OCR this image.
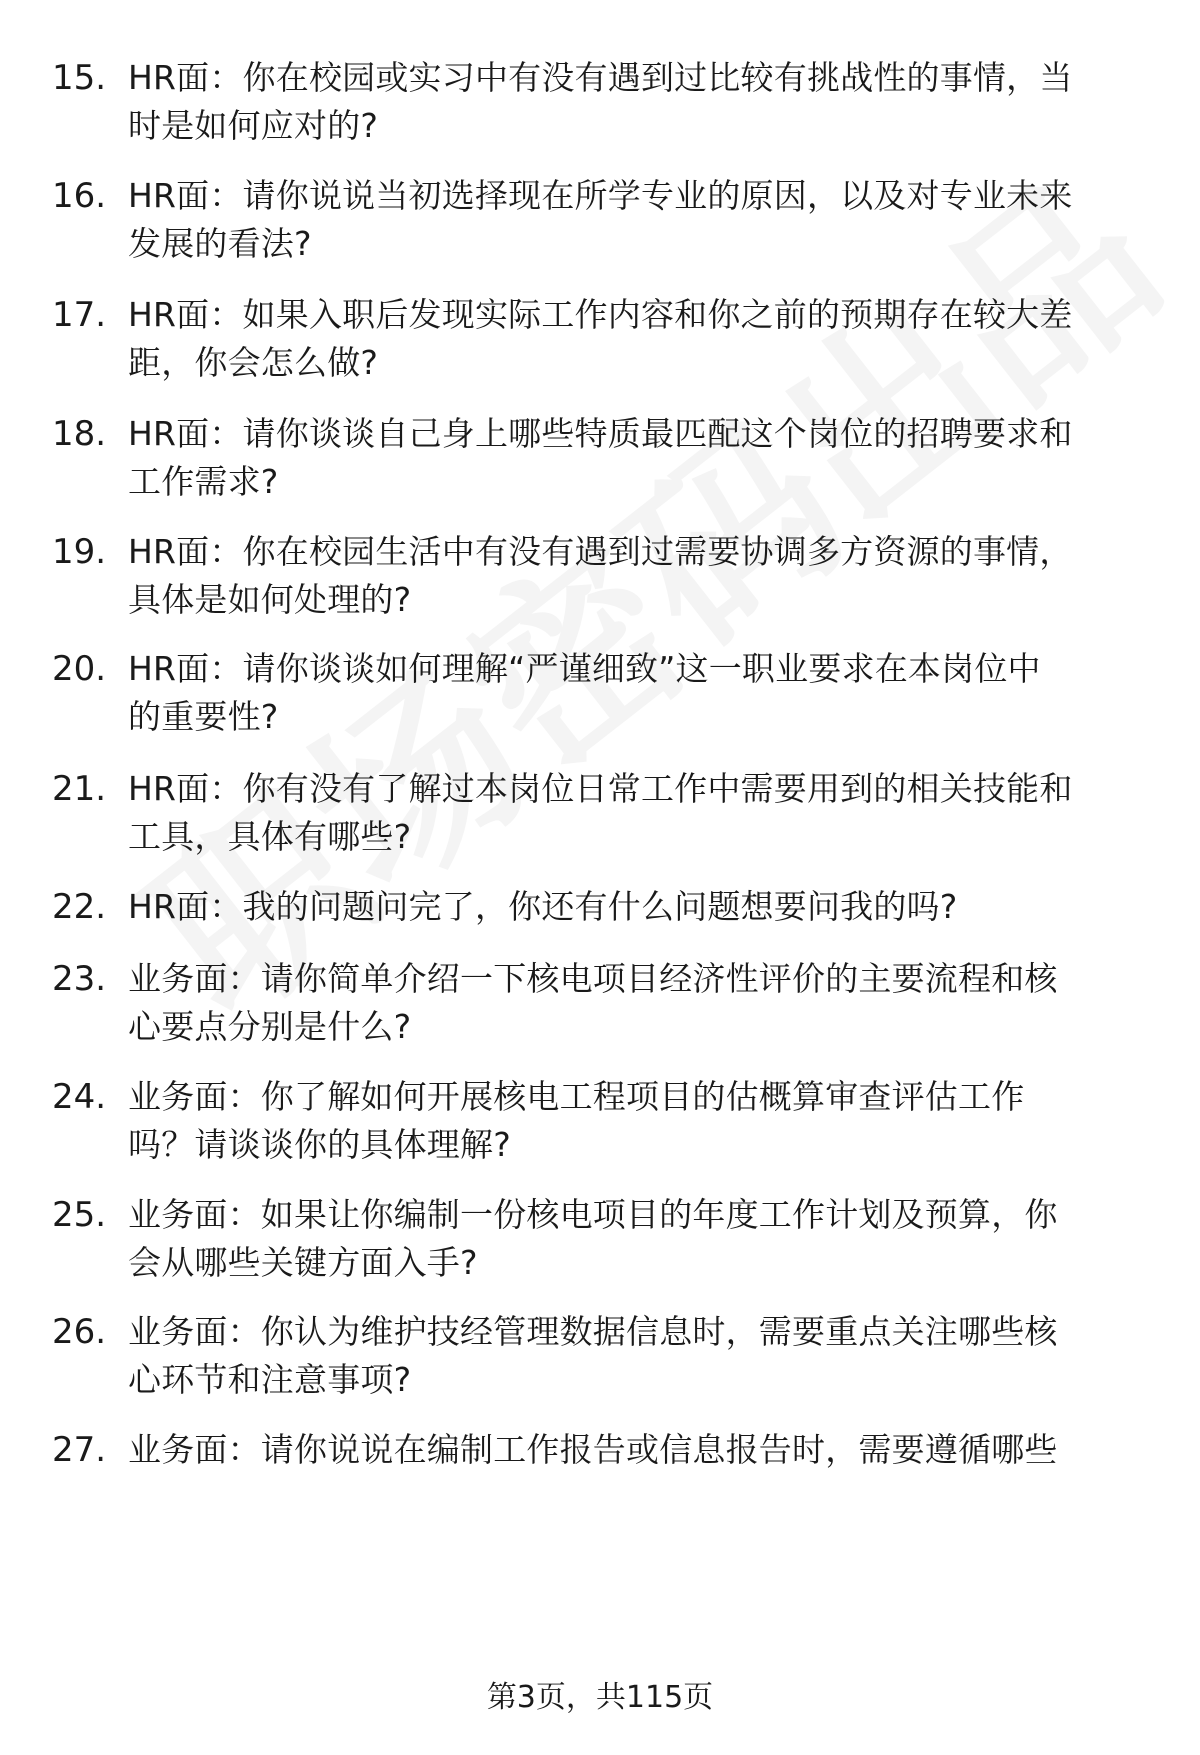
15. HR面：你在校园或实习中有没有遇到过比较有挑战性的事情，当
时是如何应对的?
16. HR面：请你说说当初选择现在所学专业的原因，以及对专业未来
发展的看法?
17. HR面：如果入职后发现实际工作内容和你之前的预期存在较大差
距，你会怎么做?
18. HR面：请你谈谈自己身上哪些特质最匹配这个岗位的招聘要求和
工作需求?
19. HR面：你在校园生活中有没有遇到过需要协调多方资源的事情，
具体是如何处理的?
20. HR面：请你谈谈如何理解“严谨细致”这一职业要求在本岗位中
的重要性?
21. HR面：你有没有了解过本岗位日常工作中需要用到的相关技能和
工具，具体有哪些?
22. HR面：我的问题问完了，你还有什么问题想要问我的吗?
23. 业务面：请你简单介绍一下核电项目经济性评价的主要流程和核
心要点分别是什么?
24. 业务面：你了解如何开展核电工程项目的估概算审查评估工作
吗？请谈谈你的具体理解?
25. 业务面：如果让你编制一份核电项目的年度工作计划及预算，你
会从哪些关键方面入手?
26. 业务面：你认为维护技经管理数据信息时，需要重点关注哪些核
心环节和注意事项?
27. 业务面：请你说说在编制工作报告或信息报告时，需要遵循哪些
第3页，共115页
